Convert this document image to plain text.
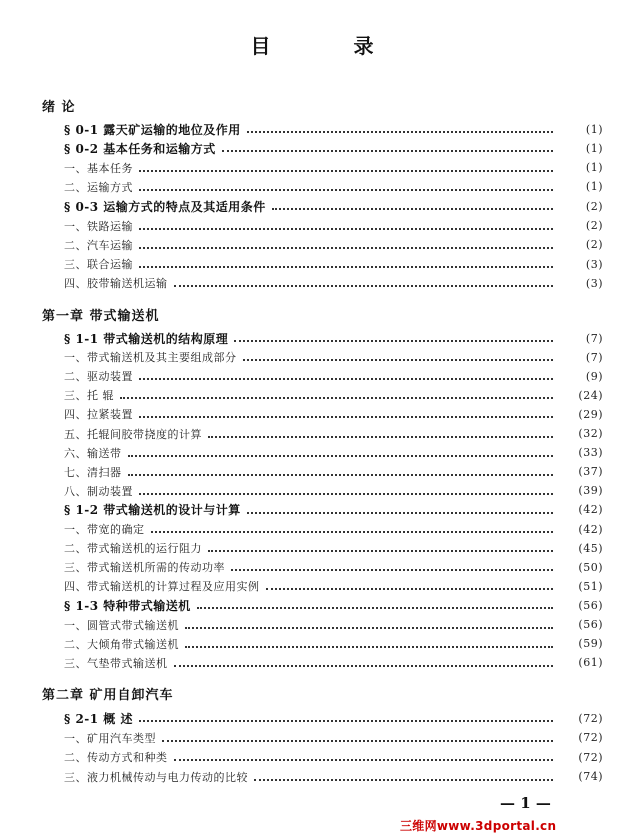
目	录
绪 论
§ 0-1 露天矿运输的地位及作用	(1)
§ 0-2 基本任务和运输方式	(1)
一、基本任务	(1)
二、运输方式	(1)
§ 0-3 运输方式的特点及其适用条件	(2)
一、铁路运输	(2)
二、汽车运输	(2)
三、联合运输	(3)
四、胶带输送机运输	(3)
第一章 带式输送机
§ 1-1 带式输送机的结构原理	(7)
一、带式输送机及其主要组成部分	(7)
二、驱动装置	(9)
三、托 辊	(24)
四、拉紧装置	(29)
五、托辊间胶带挠度的计算	(32)
六、输送带	(33)
七、清扫器	(37)
八、制动装置	(39)
§ 1-2 带式输送机的设计与计算	(42)
一、带宽的确定	(42)
二、带式输送机的运行阻力	(45)
三、带式输送机所需的传动功率	(50)
四、带式输送机的计算过程及应用实例	(51)
§ 1-3 特种带式输送机	(56)
一、圆管式带式输送机	(56)
二、大倾角带式输送机	(59)
三、气垫带式输送机	(61)
第二章 矿用自卸汽车
§ 2-1 概 述	(72)
一、矿用汽车类型	(72)
二、传动方式和种类	(72)
三、液力机械传动与电力传动的比较	(74)
— 1 —
三维网www.3dportal.cn
